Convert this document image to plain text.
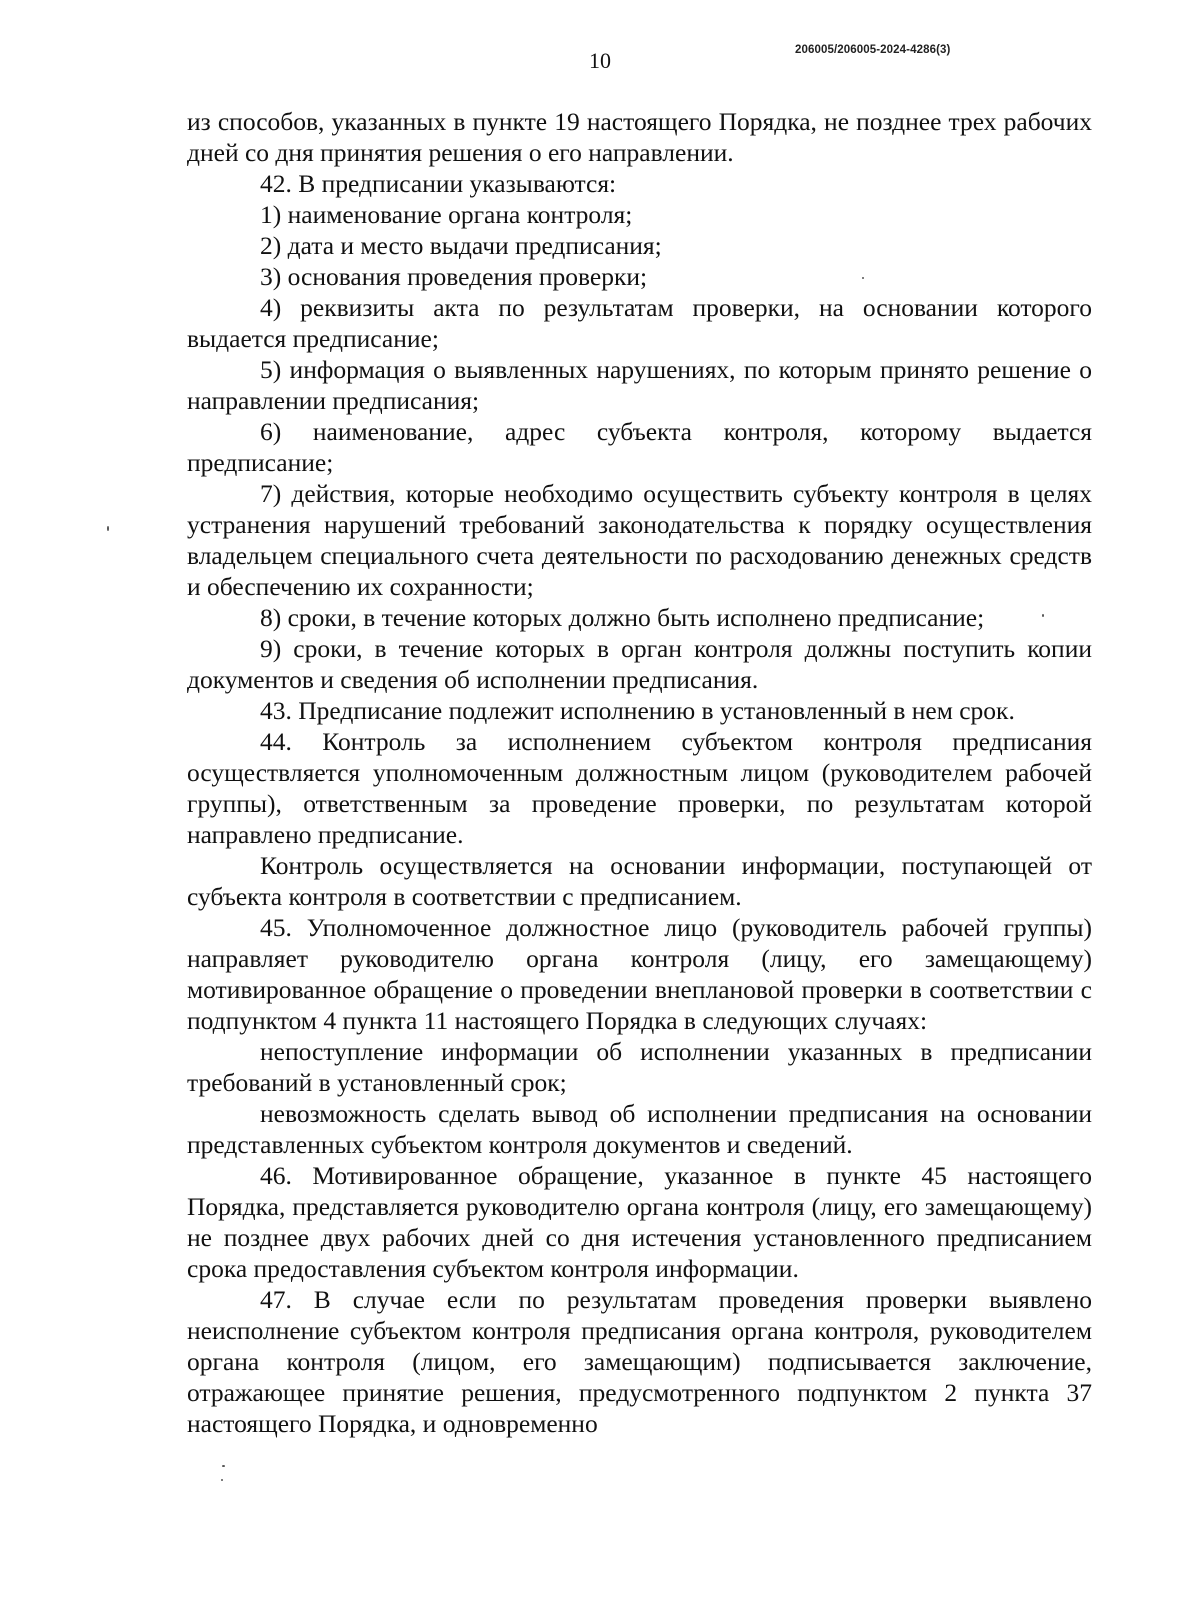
10	206005/206005-2024-4286(3)

из способов, указанных в пункте 19 настоящего Порядка, не позднее трех рабочих дней со дня принятия решения о его направлении.

42. В предписании указываются:

1) наименование органа контроля;

2) дата и место выдачи предписания;

3) основания проведения проверки;

4) реквизиты акта по результатам проверки, на основании которого выдается предписание;

5) информация о выявленных нарушениях, по которым принято решение о направлении предписания;

6) наименование, адрес субъекта контроля, которому выдается предписание;

7) действия, которые необходимо осуществить субъекту контроля в целях устранения нарушений требований законодательства к порядку осуществления владельцем специального счета деятельности по расходованию денежных средств и обеспечению их сохранности;

8) сроки, в течение которых должно быть исполнено предписание;

9) сроки, в течение которых в орган контроля должны поступить копии документов и сведения об исполнении предписания.

43. Предписание подлежит исполнению в установленный в нем срок.

44. Контроль за исполнением субъектом контроля предписания осуществляется уполномоченным должностным лицом (руководителем рабочей группы), ответственным за проведение проверки, по результатам которой направлено предписание.

Контроль осуществляется на основании информации, поступающей от субъекта контроля в соответствии с предписанием.

45. Уполномоченное должностное лицо (руководитель рабочей группы) направляет руководителю органа контроля (лицу, его замещающему) мотивированное обращение о проведении внеплановой проверки в соответствии с подпунктом 4 пункта 11 настоящего Порядка в следующих случаях:

непоступление информации об исполнении указанных в предписании требований в установленный срок;

невозможность сделать вывод об исполнении предписания на основании представленных субъектом контроля документов и сведений.

46. Мотивированное обращение, указанное в пункте 45 настоящего Порядка, представляется руководителю органа контроля (лицу, его замещающему) не позднее двух рабочих дней со дня истечения установленного предписанием срока предоставления субъектом контроля информации.

47. В случае если по результатам проведения проверки выявлено неисполнение субъектом контроля предписания органа контроля, руководителем органа контроля (лицом, его замещающим) подписывается заключение, отражающее принятие решения, предусмотренного подпунктом 2 пункта 37 настоящего Порядка, и одновременно
